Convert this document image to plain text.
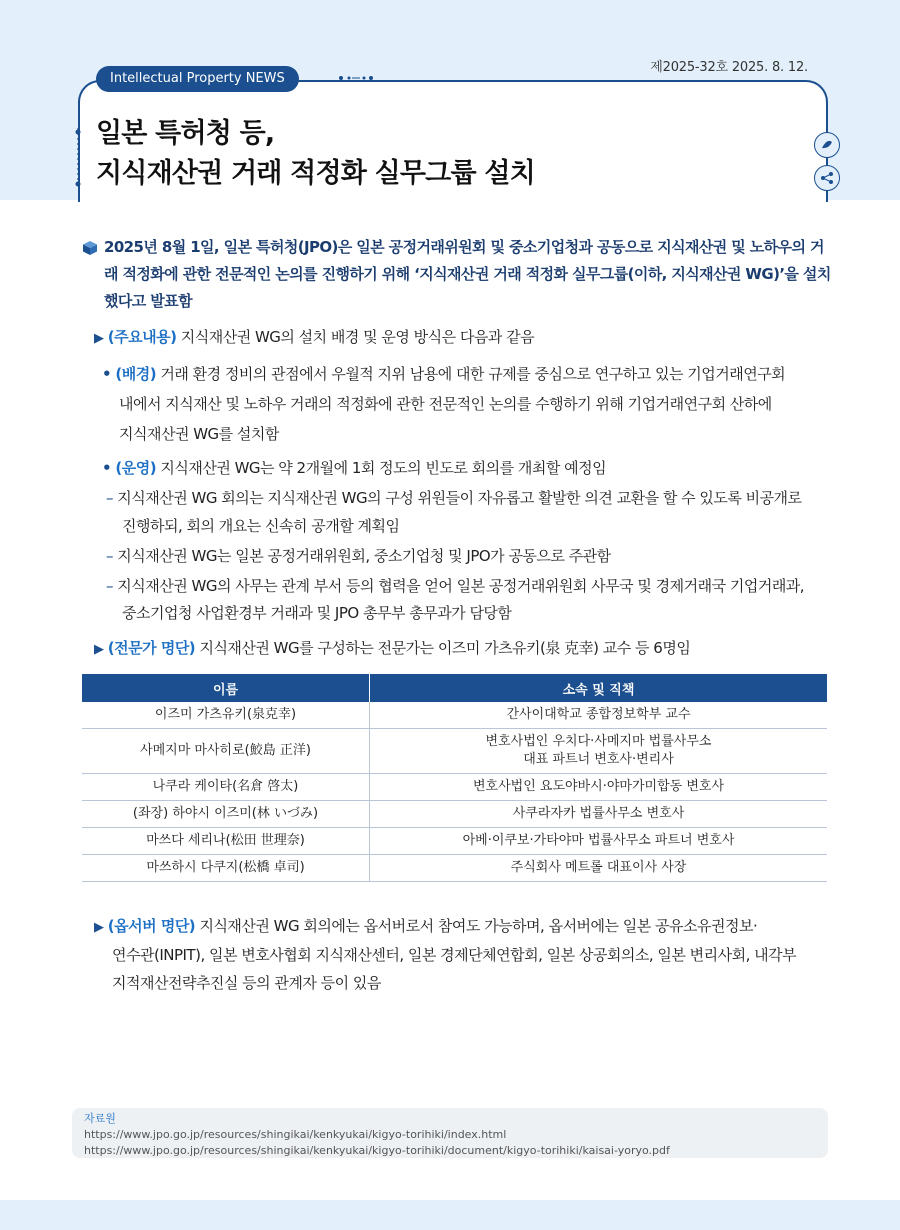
Intellectual Property NEWS
제2025-32호 2025. 8. 12.
일본 특허청 등,
지식재산권 거래 적정화 실무그룹 설치
2025년 8월 1일, 일본 특허청(JPO)은 일본 공정거래위원회 및 중소기업청과 공동으로 지식재산권 및 노하우의 거래 적정화에 관한 전문적인 논의를 진행하기 위해 ‘지식재산권 거래 적정화 실무그룹(이하, 지식재산권 WG)’을 설치했다고 발표함
▶ (주요내용) 지식재산권 WG의 설치 배경 및 운영 방식은 다음과 같음
• (배경) 거래 환경 정비의 관점에서 우월적 지위 남용에 대한 규제를 중심으로 연구하고 있는 기업거래연구회
내에서 지식재산 및 노하우 거래의 적정화에 관한 전문적인 논의를 수행하기 위해 기업거래연구회 산하에
지식재산권 WG를 설치함
• (운영) 지식재산권 WG는 약 2개월에 1회 정도의 빈도로 회의를 개최할 예정임
– 지식재산권 WG 회의는 지식재산권 WG의 구성 위원들이 자유롭고 활발한 의견 교환을 할 수 있도록 비공개로
진행하되, 회의 개요는 신속히 공개할 계획임
– 지식재산권 WG는 일본 공정거래위원회, 중소기업청 및 JPO가 공동으로 주관함
– 지식재산권 WG의 사무는 관계 부서 등의 협력을 얻어 일본 공정거래위원회 사무국 및 경제거래국 기업거래과,
중소기업청 사업환경부 거래과 및 JPO 총무부 총무과가 담당함
▶ (전문가 명단) 지식재산권 WG를 구성하는 전문가는 이즈미 가츠유키(泉 克幸) 교수 등 6명임
이름	소속 및 직책
이즈미 가츠유키(泉克幸)	간사이대학교 종합정보학부 교수
사메지마 마사히로(鮫島 正洋)	변호사법인 우치다·사메지마 법률사무소
대표 파트너 변호사·변리사

나쿠라 케이타(名倉 啓太)	변호사법인 요도야바시·야마가미합동 변호사
(좌장) 하야시 이즈미(林 いづみ)	사쿠라자카 법률사무소 변호사
마쓰다 세리나(松田 世理奈)	아베·이쿠보·가타야마 법률사무소 파트너 변호사
마쓰하시 다쿠지(松橋 卓司)	주식회사 메트롤 대표이사 사장
▶ (옵서버 명단) 지식재산권 WG 회의에는 옵서버로서 참여도 가능하며, 옵서버에는 일본 공유소유권정보·
연수관(INPIT), 일본 변호사협회 지식재산센터, 일본 경제단체연합회, 일본 상공회의소, 일본 변리사회, 내각부
지적재산전략추진실 등의 관계자 등이 있음
자료원
https://www.jpo.go.jp/resources/shingikai/kenkyukai/kigyo-torihiki/index.html
https://www.jpo.go.jp/resources/shingikai/kenkyukai/kigyo-torihiki/document/kigyo-torihiki/kaisai-yoryo.pdf
